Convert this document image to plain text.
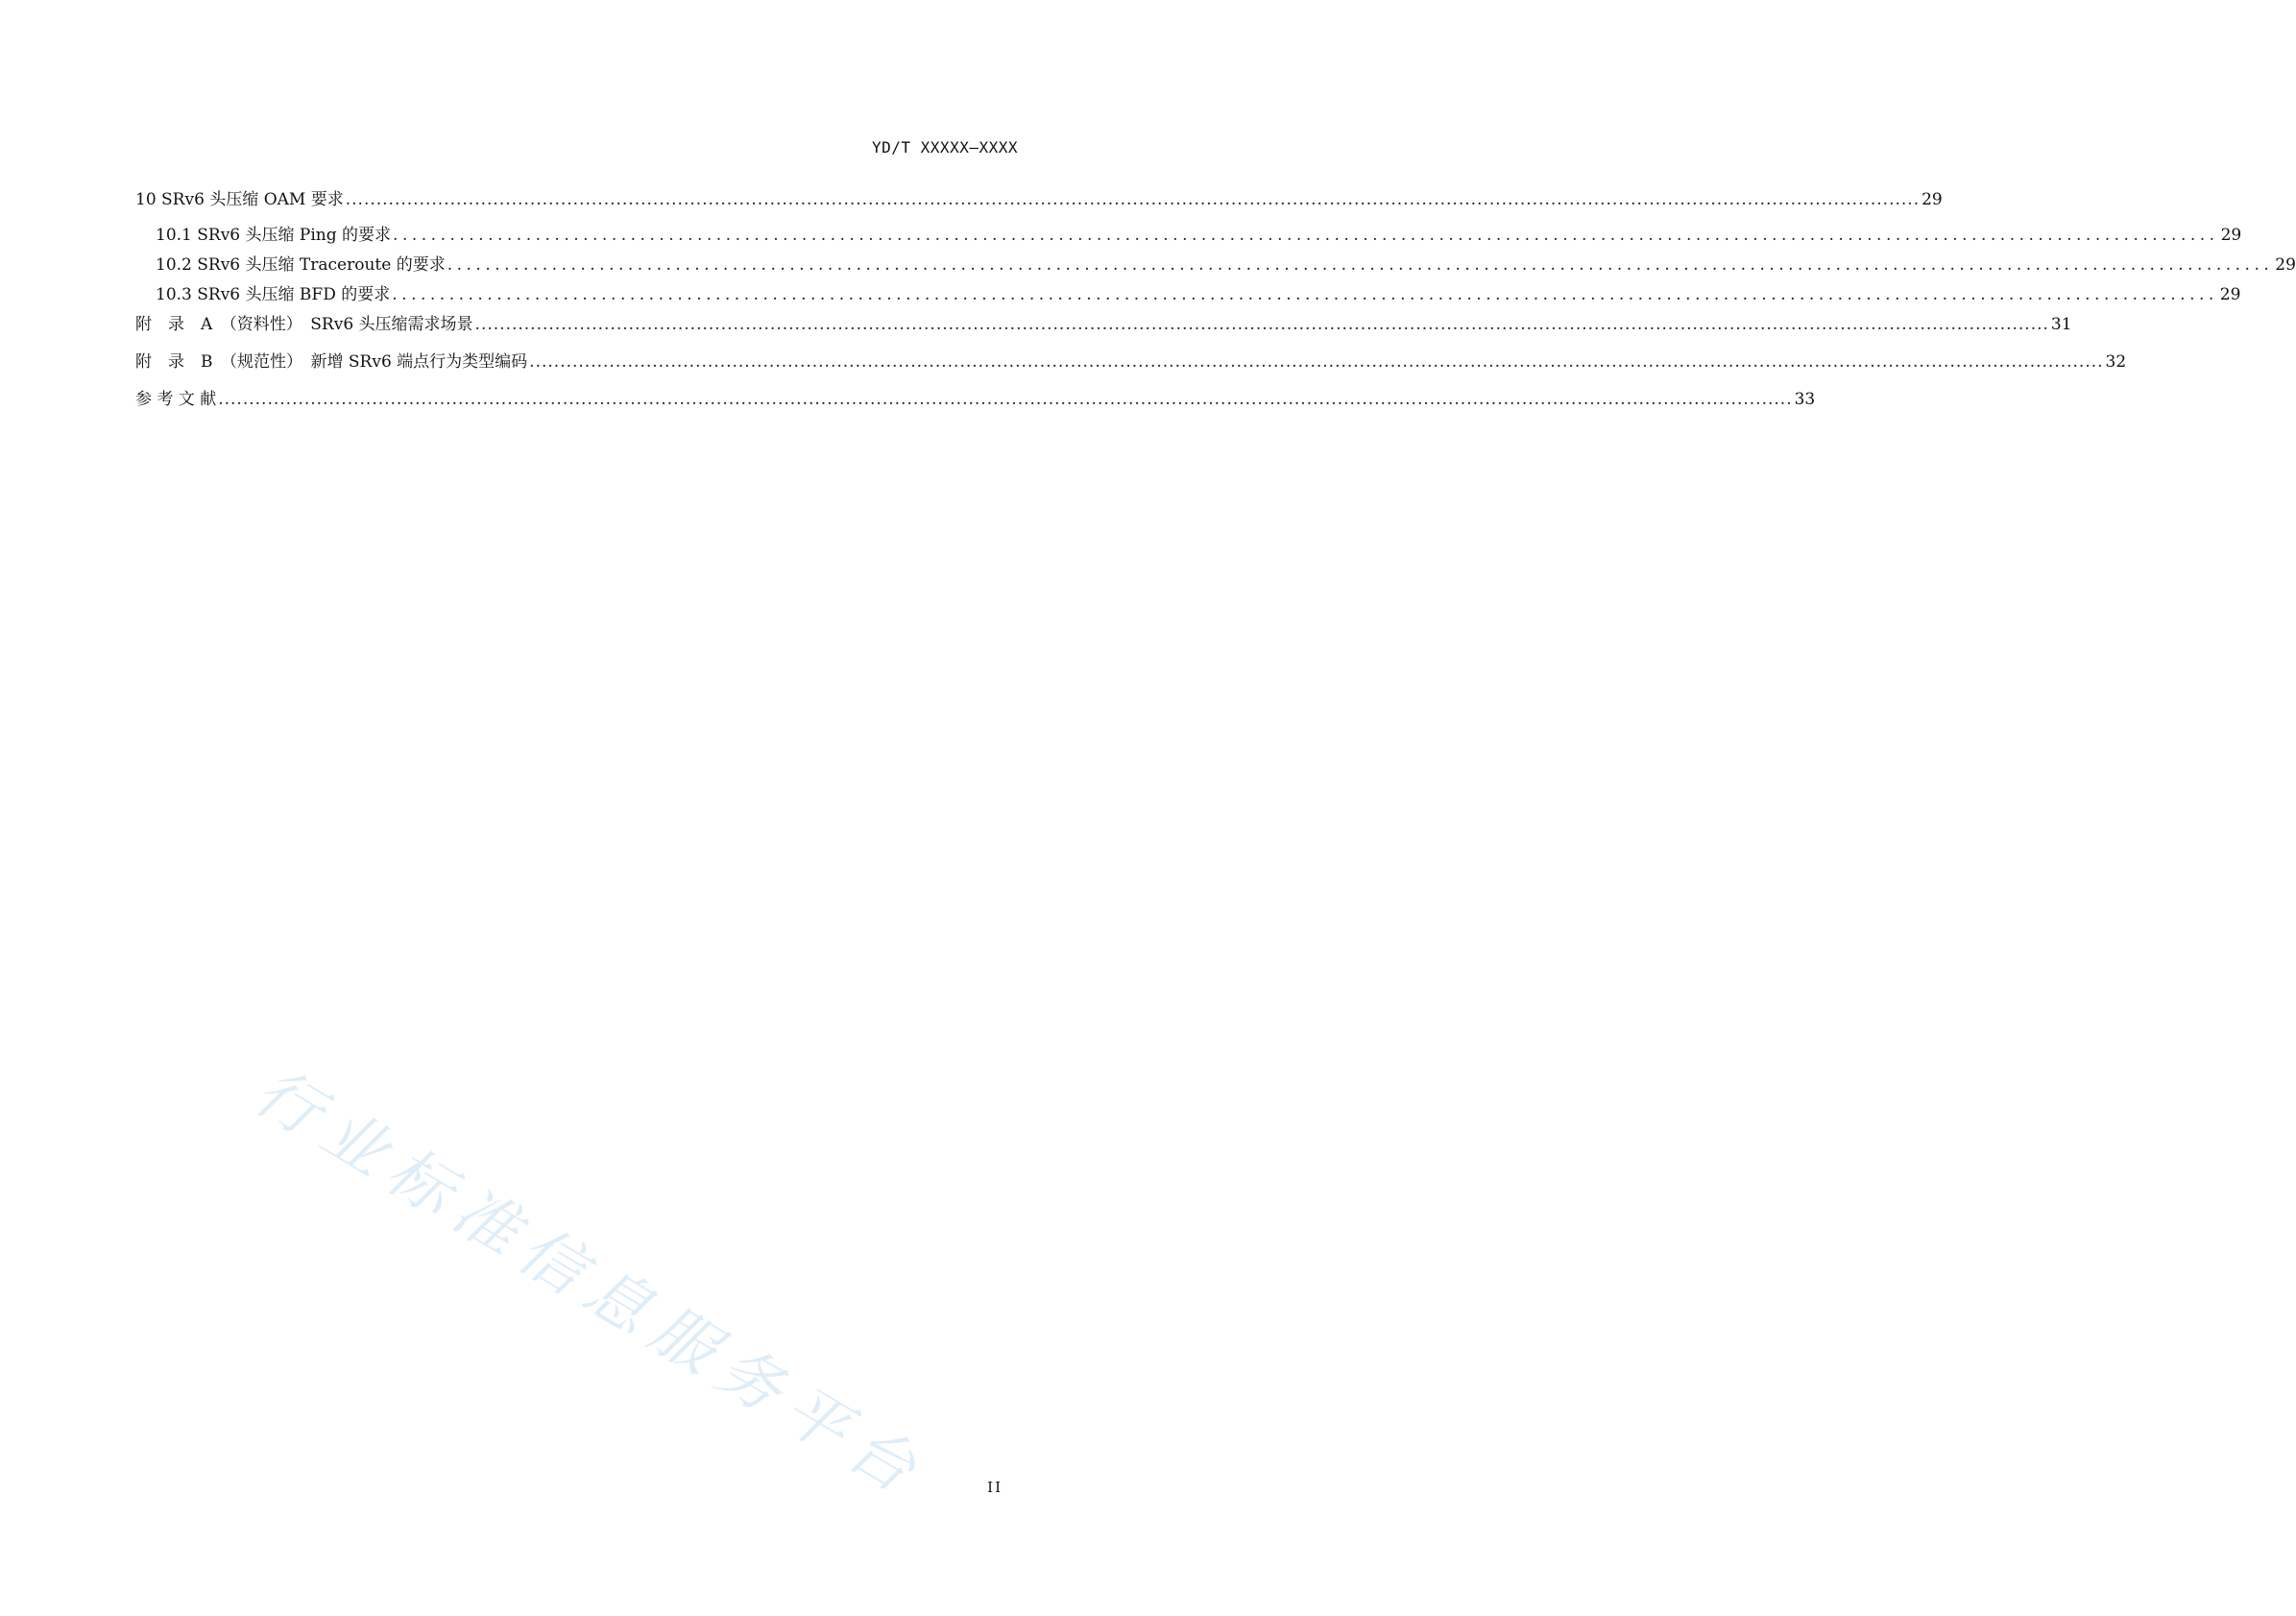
YD/T XXXXX—XXXX
10 SRv6 头压缩 OAM 要求 ................................................................................................................................................................................................................................................................ 29
10.1 SRv6 头压缩 Ping 的要求 ................................................................................................................................................................................................ 29
10.2 SRv6 头压缩 Traceroute 的要求 ................................................................................................................................................................................................ 29
10.3 SRv6 头压缩 BFD 的要求 ................................................................................................................................................................................................ 29
附　录　A　（资料性）　SRv6 头压缩需求场景 ................................................................................................................................................................................................................................................................ 31
附　录　B　（规范性）　新增 SRv6 端点行为类型编码 ................................................................................................................................................................................................................................................................ 32
参 考 文 献 ................................................................................................................................................................................................................................................................ 33
行业标准信息服务平台	II
